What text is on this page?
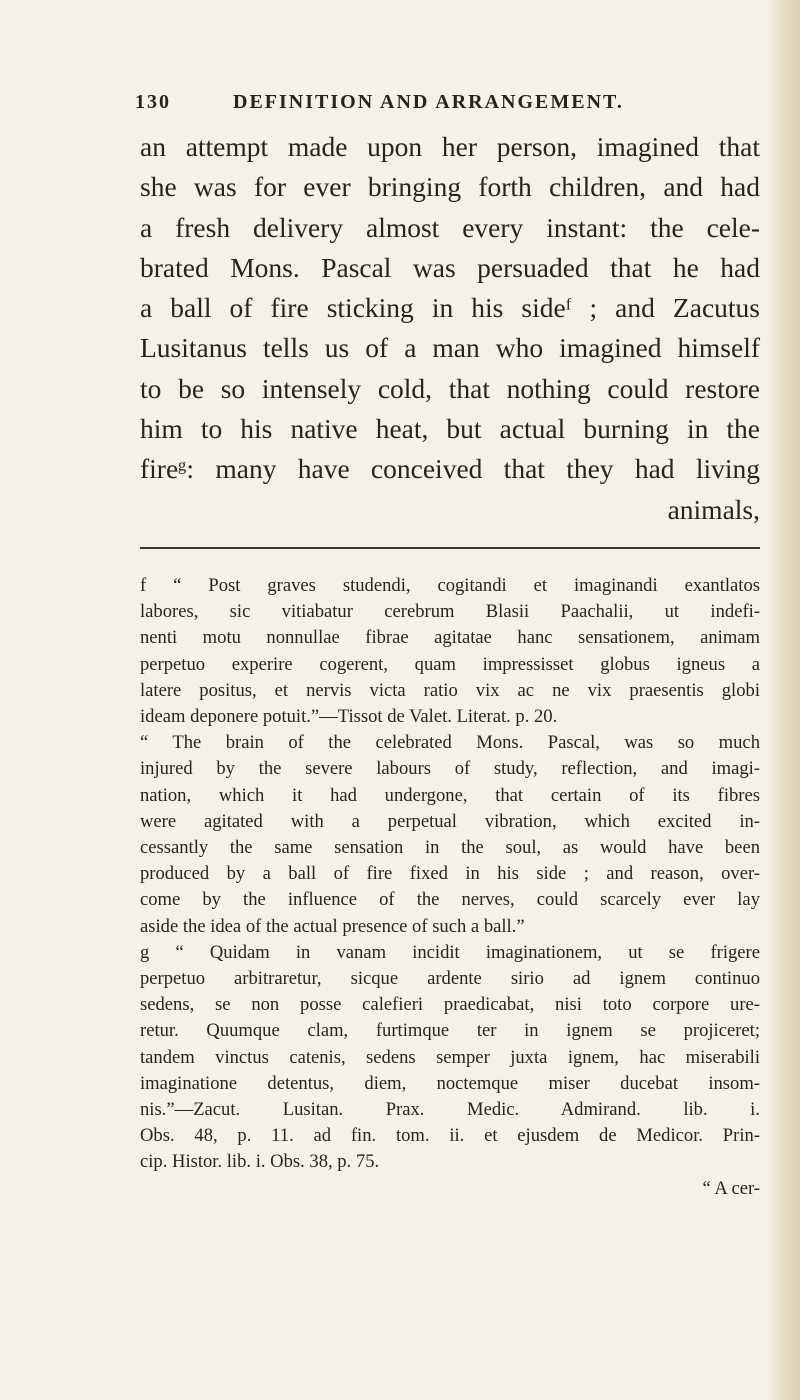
130	DEFINITION AND ARRANGEMENT.
an attempt made upon her person, imagined that
she was for ever bringing forth children, and had
a fresh delivery almost every instant: the cele-
brated Mons. Pascal was persuaded that he had
a ball of fire sticking in his sideᶠ ; and Zacutus
Lusitanus tells us of a man who imagined himself
to be so intensely cold, that nothing could restore
him to his native heat, but actual burning in the
fireᵍ: many have conceived that they had living
animals,
f “ Post graves studendi, cogitandi et imaginandi exantlatos
labores, sic vitiabatur cerebrum Blasii Paachalii, ut indefi-
nenti motu nonnullae fibrae agitatae hanc sensationem, animam
perpetuo experire cogerent, quam impressisset globus igneus a
latere positus, et nervis victa ratio vix ac ne vix praesentis globi
ideam deponere potuit.”—Tissot de Valet. Literat. p. 20.
“ The brain of the celebrated Mons. Pascal, was so much
injured by the severe labours of study, reflection, and imagi-
nation, which it had undergone, that certain of its fibres
were agitated with a perpetual vibration, which excited in-
cessantly the same sensation in the soul, as would have been
produced by a ball of fire fixed in his side ; and reason, over-
come by the influence of the nerves, could scarcely ever lay
aside the idea of the actual presence of such a ball.”
g “ Quidam in vanam incidit imaginationem, ut se frigere
perpetuo arbitraretur, sicque ardente sirio ad ignem continuo
sedens, se non posse calefieri praedicabat, nisi toto corpore ure-
retur. Quumque clam, furtimque ter in ignem se projiceret;
tandem vinctus catenis, sedens semper juxta ignem, hac miserabili
imaginatione detentus, diem, noctemque miser ducebat insom-
nis.”—Zacut. Lusitan. Prax. Medic. Admirand. lib. i.
Obs. 48, p. 11. ad fin. tom. ii. et ejusdem de Medicor. Prin-
cip. Histor. lib. i. Obs. 38, p. 75.
“ A cer-
